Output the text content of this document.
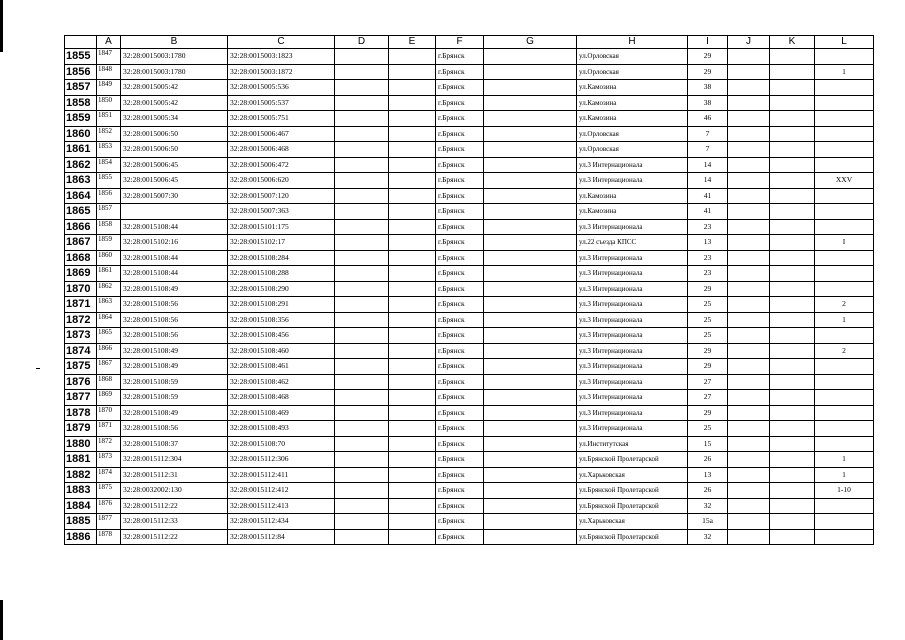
	A	B	C	D	E	F	G	H	I	J	K	L
1855	1847	32:28:0015003:1780	32:28:0015003:1823			г.Брянск		ул.Орловская	29			
1856	1848	32:28:0015003:1780	32:28:0015003:1872			г.Брянск		ул.Орловская	29			1
1857	1849	32:28:0015005:42	32:28:0015005:536			г.Брянск		ул.Камозина	38			
1858	1850	32:28:0015005:42	32:28:0015005:537			г.Брянск		ул.Камозина	38			
1859	1851	32:28:0015005:34	32:28:0015005:751			г.Брянск		ул.Камозина	46			
1860	1852	32:28:0015006:50	32:28:0015006:467			г.Брянск		ул.Орловская	7			
1861	1853	32:28:0015006:50	32:28:0015006:468			г.Брянск		ул.Орловская	7			
1862	1854	32:28:0015006:45	32:28:0015006:472			г.Брянск		ул.3 Интернационала	14			
1863	1855	32:28:0015006:45	32:28:0015006:620			г.Брянск		ул.3 Интернационала	14			XXV
1864	1856	32:28:0015007:30	32:28:0015007:120			г.Брянск		ул.Камозина	41			
1865	1857		32:28:0015007:363			г.Брянск		ул.Камозина	41			
1866	1858	32:28:0015108:44	32:28:0015101:175			г.Брянск		ул.3 Интернационала	23			
1867	1859	32:28:0015102:16	32:28:0015102:17			г.Брянск		ул.22 съезда КПСС	13			I
1868	1860	32:28:0015108:44	32:28:0015108:284			г.Брянск		ул.3 Интернационала	23			
1869	1861	32:28:0015108:44	32:28:0015108:288			г.Брянск		ул.3 Интернационала	23			
1870	1862	32:28:0015108:49	32:28:0015108:290			г.Брянск		ул.3 Интернационала	29			
1871	1863	32:28:0015108:56	32:28:0015108:291			г.Брянск		ул.3 Интернационала	25			2
1872	1864	32:28:0015108:56	32:28:0015108:356			г.Брянск		ул.3 Интернационала	25			1
1873	1865	32:28:0015108:56	32:28:0015108:456			г.Брянск		ул.3 Интернационала	25			
1874	1866	32:28:0015108:49	32:28:0015108:460			г.Брянск		ул.3 Интернационала	29			2
1875	1867	32:28:0015108:49	32:28:0015108:461			г.Брянск		ул.3 Интернационала	29			
1876	1868	32:28:0015108:59	32:28:0015108:462			г.Брянск		ул.3 Интернационала	27			
1877	1869	32:28:0015108:59	32:28:0015108:468			г.Брянск		ул.3 Интернационала	27			
1878	1870	32:28:0015108:49	32:28:0015108:469			г.Брянск		ул.3 Интернационала	29			
1879	1871	32:28:0015108:56	32:28:0015108:493			г.Брянск		ул.3 Интернационала	25			
1880	1872	32:28:0015108:37	32:28:0015108:70			г.Брянск		ул.Институтская	15			
1881	1873	32:28:0015112:304	32:28:0015112:306			г.Брянск		ул.Брянской Пролетарской	26			1
1882	1874	32:28:0015112:31	32:28:0015112:411			г.Брянск		ул.Харьковская	13			1
1883	1875	32:28:0032002:130	32:28:0015112:412			г.Брянск		ул.Брянской Пролетарской	26			1-10
1884	1876	32:28:0015112:22	32:28:0015112:413			г.Брянск		ул.Брянской Пролетарской	32			
1885	1877	32:28:0015112:33	32:28:0015112:434			г.Брянск		ул.Харьковская	15а			
1886	1878	32:28:0015112:22	32:28:0015112:84			г.Брянск		ул.Брянской Пролетарской	32			
